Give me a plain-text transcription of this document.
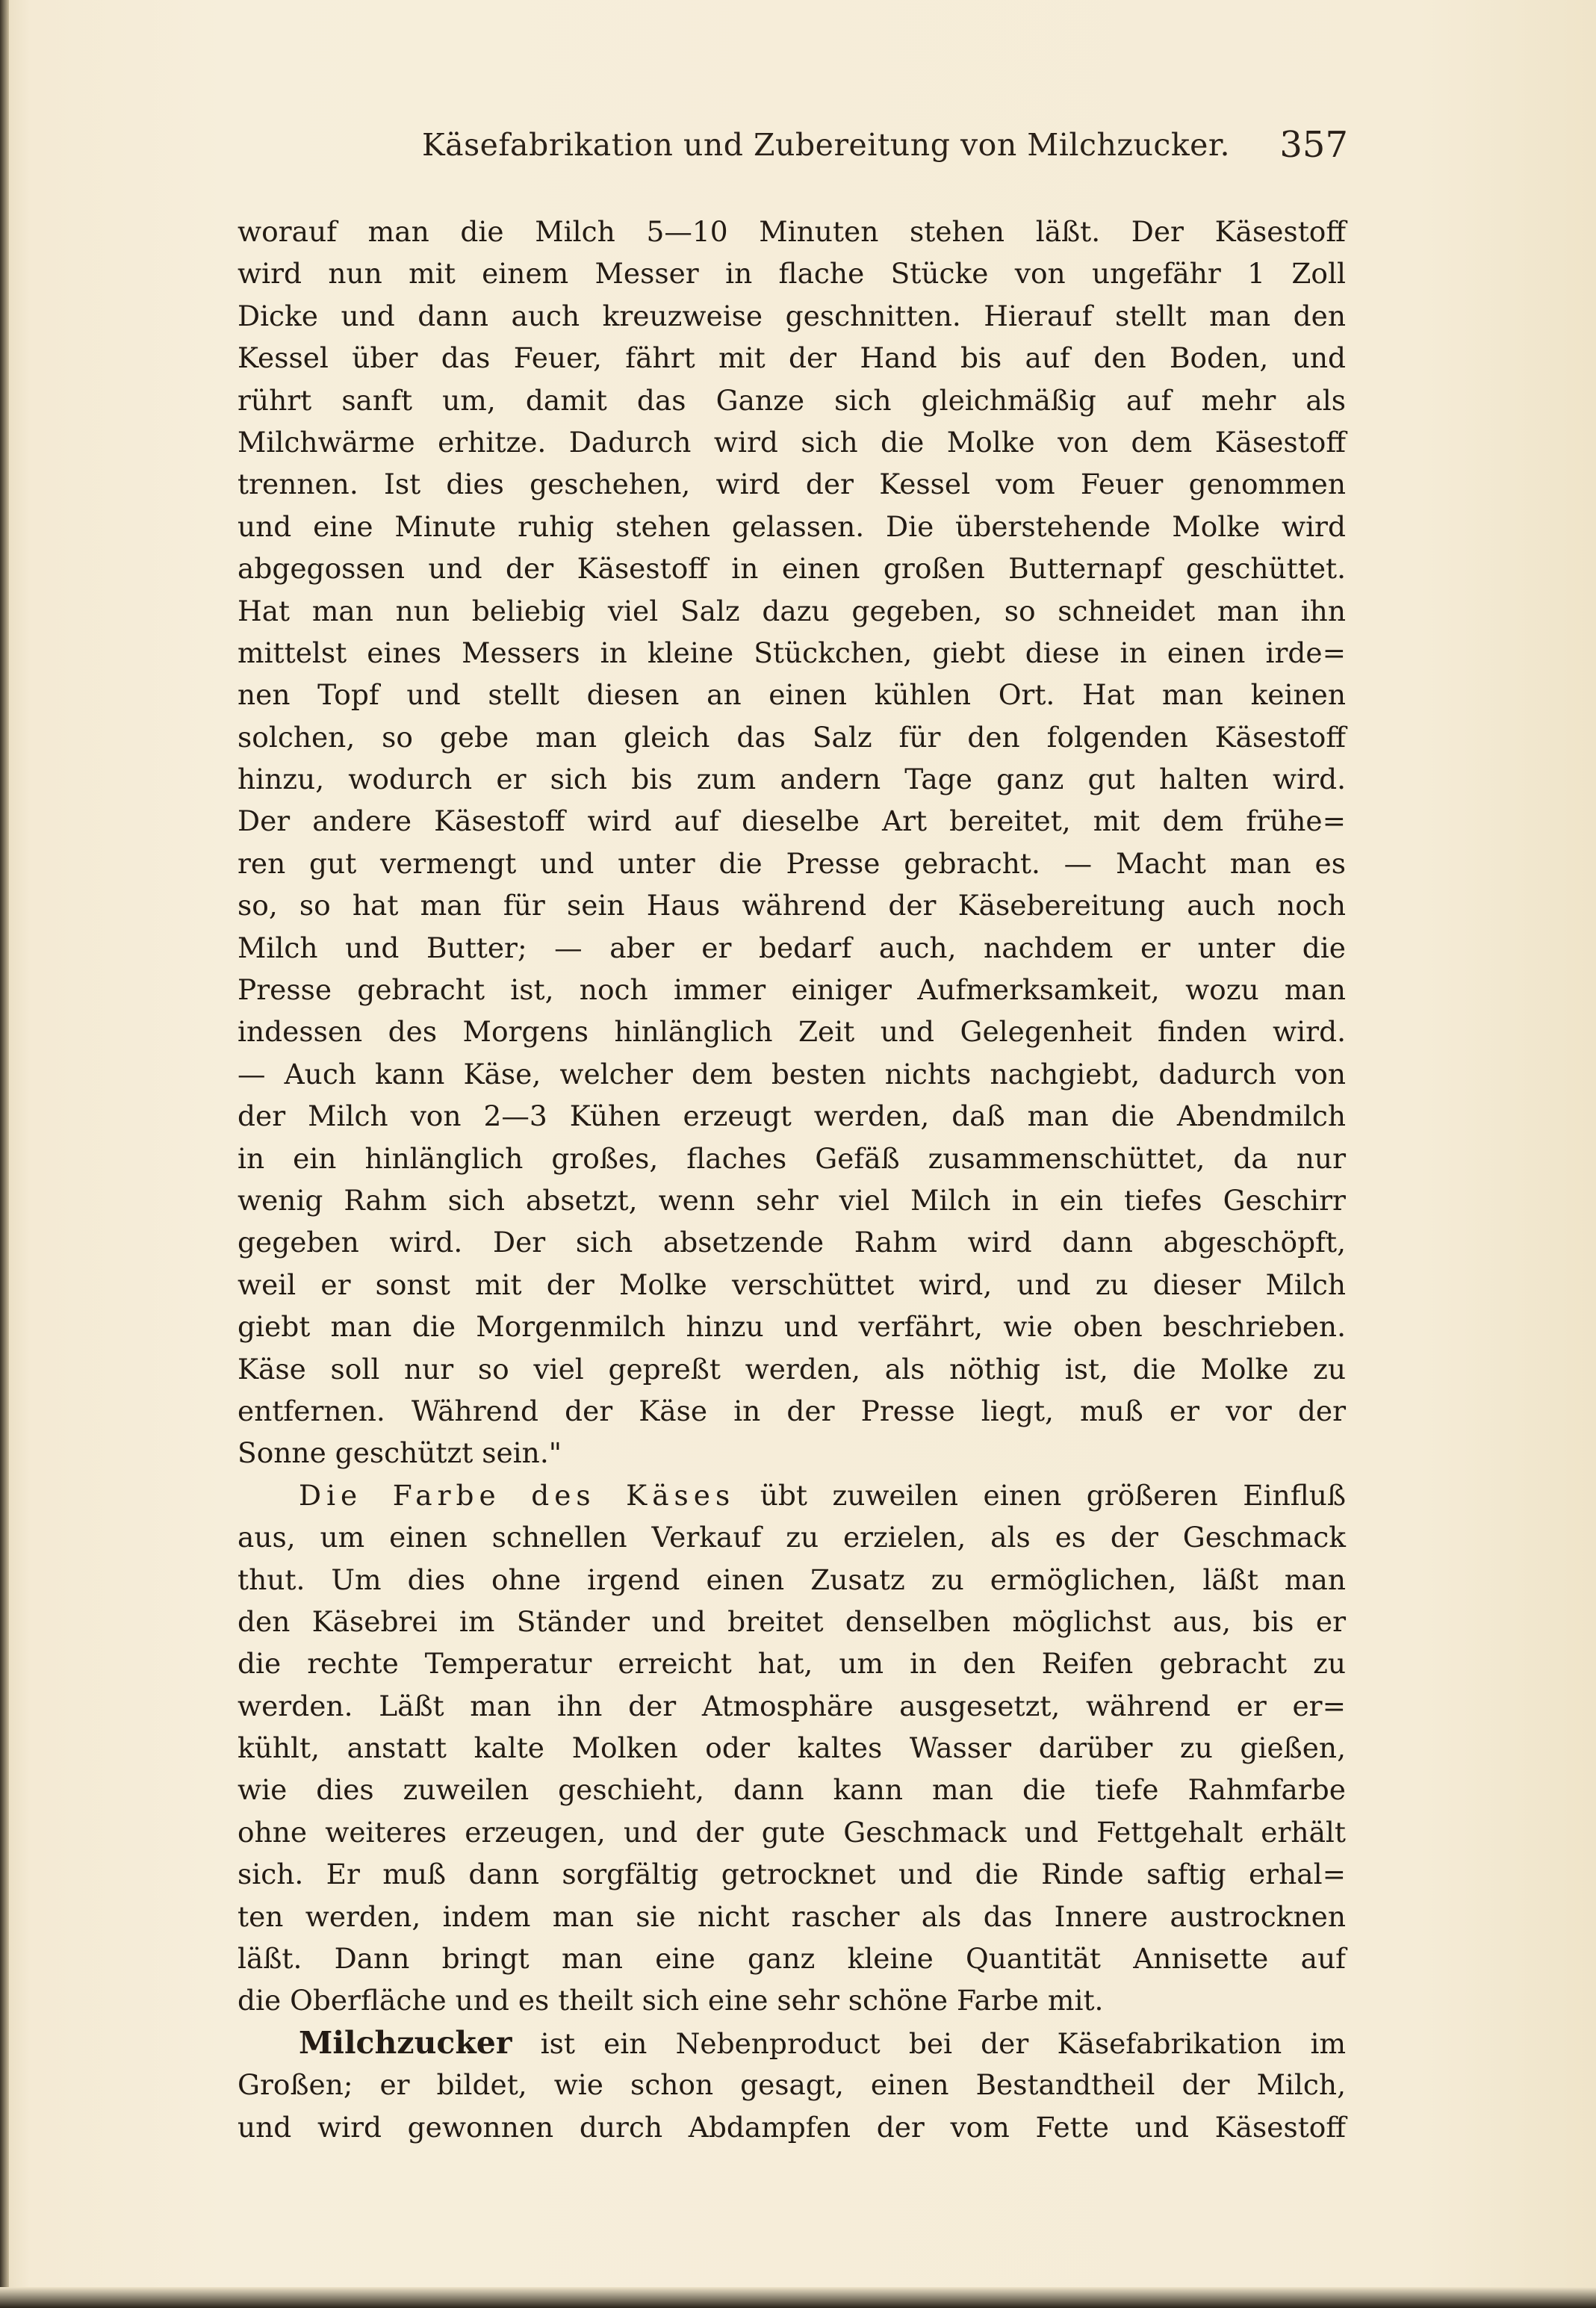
Käsefabrikation und Zubereitung von Milchzucker. 357
worauf man die Milch 5—10 Minuten stehen läßt. Der Käsestoff
wird nun mit einem Messer in flache Stücke von ungefähr 1 Zoll
Dicke und dann auch kreuzweise geschnitten. Hierauf stellt man den
Kessel über das Feuer, fährt mit der Hand bis auf den Boden, und
rührt sanft um, damit das Ganze sich gleichmäßig auf mehr als
Milchwärme erhitze. Dadurch wird sich die Molke von dem Käsestoff
trennen. Ist dies geschehen, wird der Kessel vom Feuer genommen
und eine Minute ruhig stehen gelassen. Die überstehende Molke wird
abgegossen und der Käsestoff in einen großen Butternapf geschüttet.
Hat man nun beliebig viel Salz dazu gegeben, so schneidet man ihn
mittelst eines Messers in kleine Stückchen, giebt diese in einen irde=
nen Topf und stellt diesen an einen kühlen Ort. Hat man keinen
solchen, so gebe man gleich das Salz für den folgenden Käsestoff
hinzu, wodurch er sich bis zum andern Tage ganz gut halten wird.
Der andere Käsestoff wird auf dieselbe Art bereitet, mit dem frühe=
ren gut vermengt und unter die Presse gebracht. — Macht man es
so, so hat man für sein Haus während der Käsebereitung auch noch
Milch und Butter; — aber er bedarf auch, nachdem er unter die
Presse gebracht ist, noch immer einiger Aufmerksamkeit, wozu man
indessen des Morgens hinlänglich Zeit und Gelegenheit finden wird.
— Auch kann Käse, welcher dem besten nichts nachgiebt, dadurch von
der Milch von 2—3 Kühen erzeugt werden, daß man die Abendmilch
in ein hinlänglich großes, flaches Gefäß zusammenschüttet, da nur
wenig Rahm sich absetzt, wenn sehr viel Milch in ein tiefes Geschirr
gegeben wird. Der sich absetzende Rahm wird dann abgeschöpft,
weil er sonst mit der Molke verschüttet wird, und zu dieser Milch
giebt man die Morgenmilch hinzu und verfährt, wie oben beschrieben.
Käse soll nur so viel gepreßt werden, als nöthig ist, die Molke zu
entfernen. Während der Käse in der Presse liegt, muß er vor der
Sonne geschützt sein."
Die Farbe des Käses übt zuweilen einen größeren Einfluß
aus, um einen schnellen Verkauf zu erzielen, als es der Geschmack
thut. Um dies ohne irgend einen Zusatz zu ermöglichen, läßt man
den Käsebrei im Ständer und breitet denselben möglichst aus, bis er
die rechte Temperatur erreicht hat, um in den Reifen gebracht zu
werden. Läßt man ihn der Atmosphäre ausgesetzt, während er er=
kühlt, anstatt kalte Molken oder kaltes Wasser darüber zu gießen,
wie dies zuweilen geschieht, dann kann man die tiefe Rahmfarbe
ohne weiteres erzeugen, und der gute Geschmack und Fettgehalt erhält
sich. Er muß dann sorgfältig getrocknet und die Rinde saftig erhal=
ten werden, indem man sie nicht rascher als das Innere austrocknen
läßt. Dann bringt man eine ganz kleine Quantität Annisette auf
die Oberfläche und es theilt sich eine sehr schöne Farbe mit.
Milchzucker ist ein Nebenproduct bei der Käsefabrikation im
Großen; er bildet, wie schon gesagt, einen Bestandtheil der Milch,
und wird gewonnen durch Abdampfen der vom Fette und Käsestoff
